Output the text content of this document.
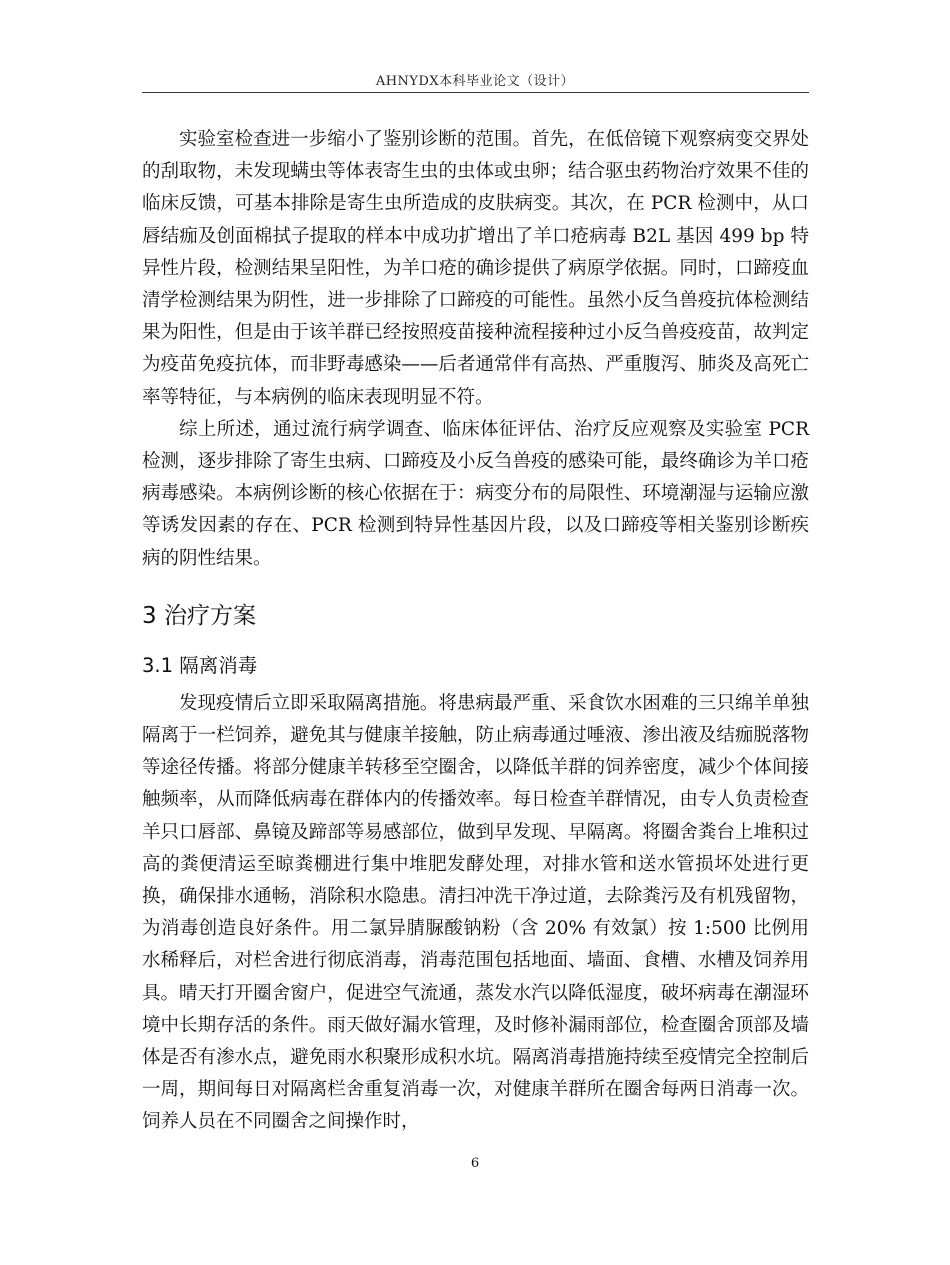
AHNYDX本科毕业论文（设计）

实验室检查进一步缩小了鉴别诊断的范围。首先，在低倍镜下观察病变交界处的刮取物，未发现螨虫等体表寄生虫的虫体或虫卵；结合驱虫药物治疗效果不佳的临床反馈，可基本排除是寄生虫所造成的皮肤病变。其次，在 PCR 检测中，从口唇结痂及创面棉拭子提取的样本中成功扩增出了羊口疮病毒 B2L 基因 499 bp 特异性片段，检测结果呈阳性，为羊口疮的确诊提供了病原学依据。同时，口蹄疫血清学检测结果为阴性，进一步排除了口蹄疫的可能性。虽然小反刍兽疫抗体检测结果为阳性，但是由于该羊群已经按照疫苗接种流程接种过小反刍兽疫疫苗，故判定为疫苗免疫抗体，而非野毒感染——后者通常伴有高热、严重腹泻、肺炎及高死亡率等特征，与本病例的临床表现明显不符。

综上所述，通过流行病学调查、临床体征评估、治疗反应观察及实验室 PCR 检测，逐步排除了寄生虫病、口蹄疫及小反刍兽疫的感染可能，最终确诊为羊口疮病毒感染。本病例诊断的核心依据在于：病变分布的局限性、环境潮湿与运输应激等诱发因素的存在、PCR 检测到特异性基因片段，以及口蹄疫等相关鉴别诊断疾病的阴性结果。

3 治疗方案
3.1 隔离消毒

发现疫情后立即采取隔离措施。将患病最严重、采食饮水困难的三只绵羊单独隔离于一栏饲养，避免其与健康羊接触，防止病毒通过唾液、渗出液及结痂脱落物等途径传播。将部分健康羊转移至空圈舍，以降低羊群的饲养密度，减少个体间接触频率，从而降低病毒在群体内的传播效率。每日检查羊群情况，由专人负责检查羊只口唇部、鼻镜及蹄部等易感部位，做到早发现、早隔离。将圈舍粪台上堆积过高的粪便清运至晾粪棚进行集中堆肥发酵处理，对排水管和送水管损坏处进行更换，确保排水通畅，消除积水隐患。清扫冲洗干净过道，去除粪污及有机残留物，为消毒创造良好条件。用二氯异腈脲酸钠粉（含 20% 有效氯）按 1:500 比例用水稀释后，对栏舍进行彻底消毒，消毒范围包括地面、墙面、食槽、水槽及饲养用具。晴天打开圈舍窗户，促进空气流通，蒸发水汽以降低湿度，破坏病毒在潮湿环境中长期存活的条件。雨天做好漏水管理，及时修补漏雨部位，检查圈舍顶部及墙体是否有渗水点，避免雨水积聚形成积水坑。隔离消毒措施持续至疫情完全控制后一周，期间每日对隔离栏舍重复消毒一次，对健康羊群所在圈舍每两日消毒一次。饲养人员在不同圈舍之间操作时，

6
